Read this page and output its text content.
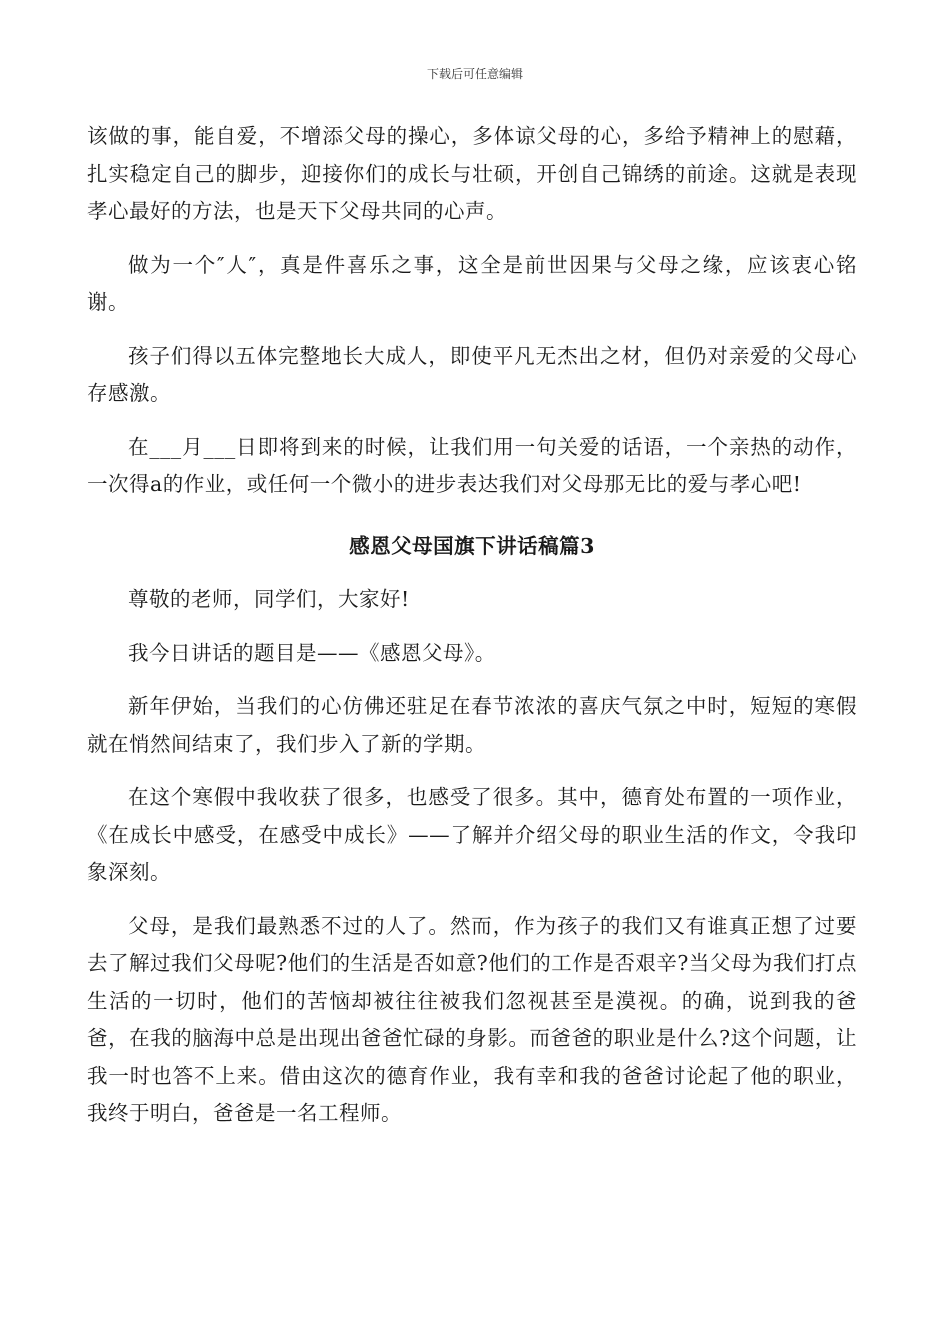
下载后可任意编辑

该做的事，能自爱，不增添父母的操心，多体谅父母的心，多给予精神上的慰藉，扎实稳定自己的脚步，迎接你们的成长与壮硕，开创自己锦绣的前途。这就是表现孝心最好的方法，也是天下父母共同的心声。

做为一个″人″，真是件喜乐之事，这全是前世因果与父母之缘，应该衷心铭谢。

孩子们得以五体完整地长大成人，即使平凡无杰出之材，但仍对亲爱的父母心存感激。

在___月___日即将到来的时候，让我们用一句关爱的话语，一个亲热的动作，一次得a的作业，或任何一个微小的进步表达我们对父母那无比的爱与孝心吧!

感恩父母国旗下讲话稿篇3

尊敬的老师，同学们，大家好!

我今日讲话的题目是——《感恩父母》。

新年伊始，当我们的心仿佛还驻足在春节浓浓的喜庆气氛之中时，短短的寒假就在悄然间结束了，我们步入了新的学期。

在这个寒假中我收获了很多，也感受了很多。其中，德育处布置的一项作业，《在成长中感受，在感受中成长》——了解并介绍父母的职业生活的作文，令我印象深刻。

父母，是我们最熟悉不过的人了。然而，作为孩子的我们又有谁真正想了过要去了解过我们父母呢?他们的生活是否如意?他们的工作是否艰辛?当父母为我们打点生活的一切时，他们的苦恼却被往往被我们忽视甚至是漠视。的确，说到我的爸爸，在我的脑海中总是出现出爸爸忙碌的身影。而爸爸的职业是什么?这个问题，让我一时也答不上来。借由这次的德育作业，我有幸和我的爸爸讨论起了他的职业，我终于明白，爸爸是一名工程师。
